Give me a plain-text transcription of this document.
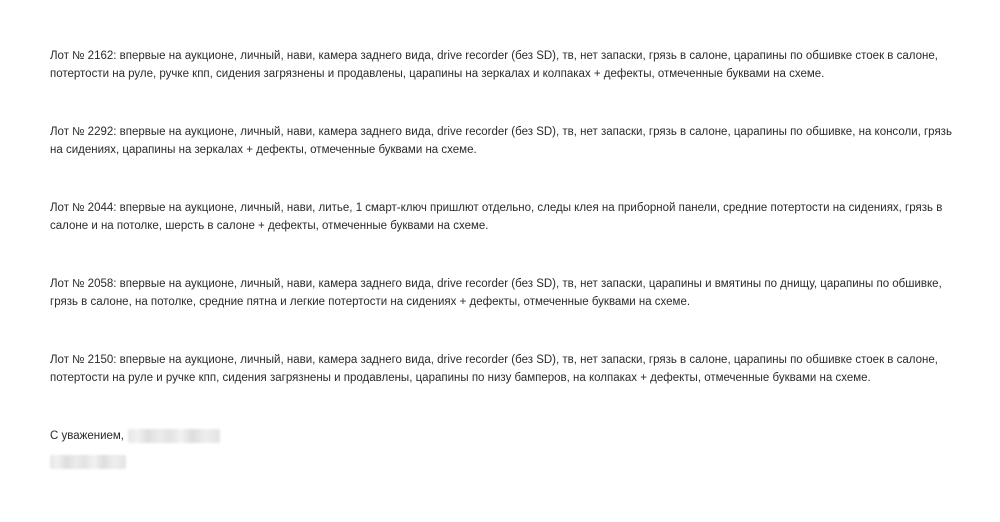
Лот № 2162: впервые на аукционе, личный, нави, камера заднего вида, drive recorder (без SD), тв, нет запаски, грязь в салоне, царапины по обшивке стоек в салоне, потертости на руле, ручке кпп, сидения загрязнены и продавлены, царапины на зеркалах и колпаках + дефекты, отмеченные буквами на схеме.

Лот № 2292: впервые на аукционе, личный, нави, камера заднего вида, drive recorder (без SD), тв, нет запаски, грязь в салоне, царапины по обшивке, на консоли, грязь на сидениях, царапины на зеркалах + дефекты, отмеченные буквами на схеме.

Лот № 2044: впервые на аукционе, личный, нави, литье, 1 смарт-ключ пришлют отдельно, следы клея на приборной панели, средние потертости на сидениях, грязь в салоне и на потолке, шерсть в салоне + дефекты, отмеченные буквами на схеме.

Лот № 2058: впервые на аукционе, личный, нави, камера заднего вида, drive recorder (без SD), тв, нет запаски, царапины и вмятины по днищу, царапины по обшивке, грязь в салоне, на потолке, средние пятна и легкие потертости на сидениях + дефекты, отмеченные буквами на схеме.

Лот № 2150: впервые на аукционе, личный, нави, камера заднего вида, drive recorder (без SD), тв, нет запаски, грязь в салоне, царапины по обшивке стоек в салоне, потертости на руле и ручке кпп, сидения загрязнены и продавлены, царапины по низу бамперов, на колпаках + дефекты, отмеченные буквами на схеме.

С уважением,
